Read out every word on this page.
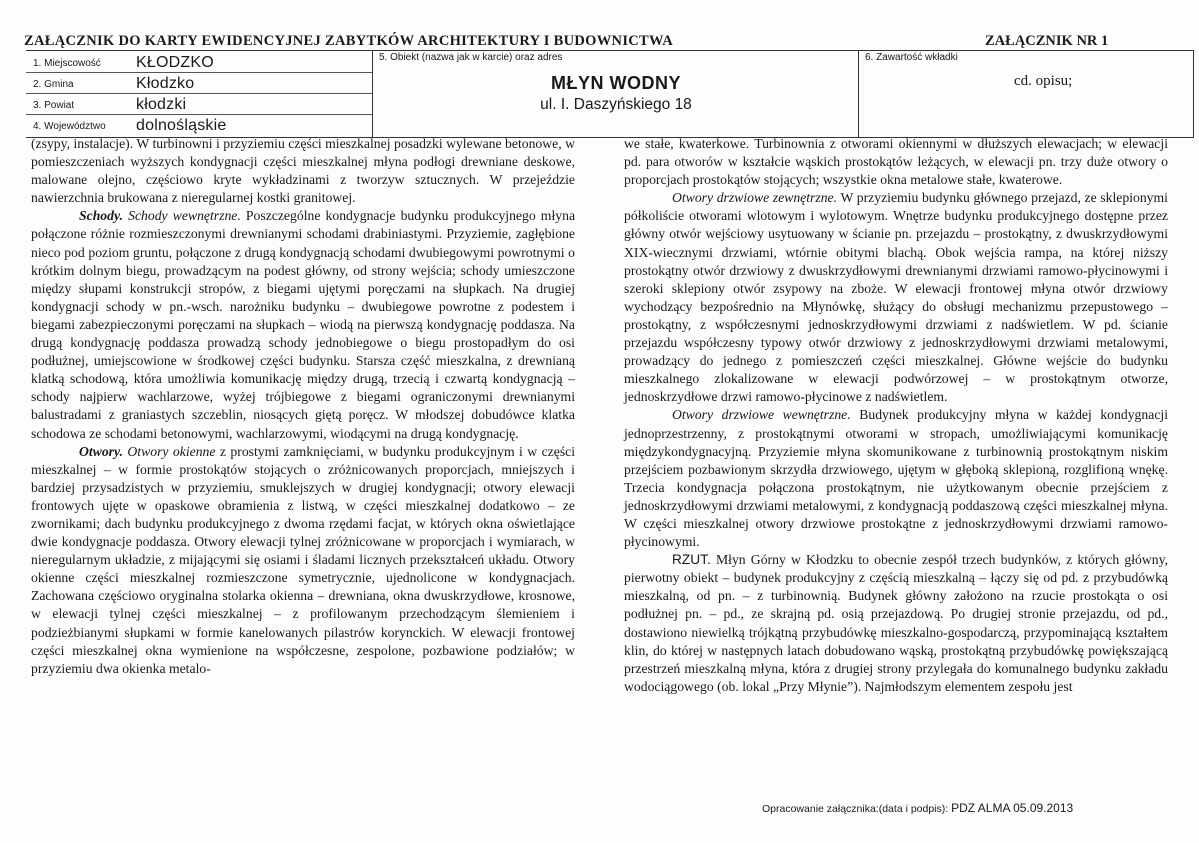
ZAŁĄCZNIK DO KARTY EWIDENCYJNEJ ZABYTKÓW ARCHITEKTURY I BUDOWNICTWA	ZAŁĄCZNIK NR 1
1. Miejscowość KŁODZKO
2. Gmina	Kłodzko
3. Powiat	kłodzki
4. Województwo dolnośląskie
5. Obiekt (nazwa jak w karcie) oraz adres
MŁYN WODNY
ul. I. Daszyńskiego 18
6. Zawartość wkładki
cd. opisu;

(zsypy, instalacje). W turbinowni i przyziemiu części mieszkalnej posadzki wylewane betonowe, w pomieszczeniach wyższych kondygnacji części mieszkalnej młyna podłogi drewniane deskowe, malowane olejno, częściowo kryte wykładzinami z tworzyw sztucznych. W przejeździe nawierzchnia brukowana z nieregularnej kostki granitowej.

Schody. Schody wewnętrzne. Poszczególne kondygnacje budynku produkcyjnego młyna połączone różnie rozmieszczonymi drewnianymi schodami drabiniastymi. Przyziemie, zagłębione nieco pod poziom gruntu, połączone z drugą kondygnacją schodami dwubiegowymi powrotnymi o krótkim dolnym biegu, prowadzącym na podest główny, od strony wejścia; schody umieszczone między słupami konstrukcji stropów, z biegami ujętymi poręczami na słupkach. Na drugiej kondygnacji schody w pn.-wsch. narożniku budynku – dwubiegowe powrotne z podestem i biegami zabezpieczonymi poręczami na słupkach – wiodą na pierwszą kondygnację poddasza. Na drugą kondygnację poddasza prowadzą schody jednobiegowe o biegu prostopadłym do osi podłużnej, umiejscowione w środkowej części budynku. Starsza część mieszkalna, z drewnianą klatką schodową, która umożliwia komunikację między drugą, trzecią i czwartą kondygnacją – schody najpierw wachlarzowe, wyżej trójbiegowe z biegami ograniczonymi drewnianymi balustradami z graniastych szczeblin, niosących giętą poręcz. W młodszej dobudówce klatka schodowa ze schodami betonowymi, wachlarzowymi, wiodącymi na drugą kondygnację.

Otwory. Otwory okienne z prostymi zamknięciami, w budynku produkcyjnym i w części mieszkalnej – w formie prostokątów stojących o zróżnicowanych proporcjach, mniejszych i bardziej przysadzistych w przyziemiu, smuklejszych w drugiej kondygnacji; otwory elewacji frontowych ujęte w opaskowe obramienia z listwą, w części mieszkalnej dodatkowo – ze zwornikami; dach budynku produkcyjnego z dwoma rzędami facjat, w których okna oświetlające dwie kondygnacje poddasza. Otwory elewacji tylnej zróżnicowane w proporcjach i wymiarach, w nieregularnym układzie, z mijającymi się osiami i śladami licznych przekształceń układu. Otwory okienne części mieszkalnej rozmieszczone symetrycznie, ujednolicone w kondygnacjach. Zachowana częściowo oryginalna stolarka okienna – drewniana, okna dwuskrzydłowe, krosnowe, w elewacji tylnej części mieszkalnej – z profilowanym przechodzącym ślemieniem i podzieżbianymi słupkami w formie kanelowanych pilastrów korynckich. W elewacji frontowej części mieszkalnej okna wymienione na współczesne, zespolone, pozbawione podziałów; w przyziemiu dwa okienka metalo-

we stałe, kwaterkowe. Turbinownia z otworami okiennymi w dłuższych elewacjach; w elewacji pd. para otworów w kształcie wąskich prostokątów leżących, w elewacji pn. trzy duże otwory o proporcjach prostokątów stojących; wszystkie okna metalowe stałe, kwaterowe.

Otwory drzwiowe zewnętrzne. W przyziemiu budynku głównego przejazd, ze sklepionymi półkoliście otworami wlotowym i wylotowym. Wnętrze budynku produkcyjnego dostępne przez główny otwór wejściowy usytuowany w ścianie pn. przejazdu – prostokątny, z dwuskrzydłowymi XIX-wiecznymi drzwiami, wtórnie obitymi blachą. Obok wejścia rampa, na której niższy prostokątny otwór drzwiowy z dwuskrzydłowymi drewnianymi drzwiami ramowo-płycinowymi i szeroki sklepiony otwór zsypowy na zboże. W elewacji frontowej młyna otwór drzwiowy wychodzący bezpośrednio na Młynówkę, służący do obsługi mechanizmu przepustowego – prostokątny, z współczesnymi jednoskrzydłowymi drzwiami z nadświetlem. W pd. ścianie przejazdu współczesny typowy otwór drzwiowy z jednoskrzydłowymi drzwiami metalowymi, prowadzący do jednego z pomieszczeń części mieszkalnej. Główne wejście do budynku mieszkalnego zlokalizowane w elewacji podwórzowej – w prostokątnym otworze, jednoskrzydłowe drzwi ramowo-płycinowe z nadświetlem.

Otwory drzwiowe wewnętrzne. Budynek produkcyjny młyna w każdej kondygnacji jednoprzestrzenny, z prostokątnymi otworami w stropach, umożliwiającymi komunikację międzykondygnacyjną. Przyziemie młyna skomunikowane z turbinownią prostokątnym niskim przejściem pozbawionym skrzydła drzwiowego, ujętym w głęboką sklepioną, rozglifioną wnękę. Trzecia kondygnacja połączona prostokątnym, nie użytkowanym obecnie przejściem z jednoskrzydłowymi drzwiami metalowymi, z kondygnacją poddaszową części mieszkalnej młyna. W części mieszkalnej otwory drzwiowe prostokątne z jednoskrzydłowymi drzwiami ramowo-płycinowymi.

RZUT. Młyn Górny w Kłodzku to obecnie zespół trzech budynków, z których główny, pierwotny obiekt – budynek produkcyjny z częścią mieszkalną – łączy się od pd. z przybudówką mieszkalną, od pn. – z turbinownią. Budynek główny założono na rzucie prostokąta o osi podłużnej pn. – pd., ze skrajną pd. osią przejazdową. Po drugiej stronie przejazdu, od pd., dostawiono niewielką trójkątną przybudówkę mieszkalno-gospodarczą, przypominającą kształtem klin, do której w następnych latach dobudowano wąską, prostokątną przybudówkę powiększającą przestrzeń mieszkalną młyna, która z drugiej strony przylegała do komunalnego budynku zakładu wodociągowego (ob. lokal „Przy Młynie”). Najmłodszym elementem zespołu jest

Opracowanie załącznika:(data i podpis): PDZ ALMA 05.09.2013
